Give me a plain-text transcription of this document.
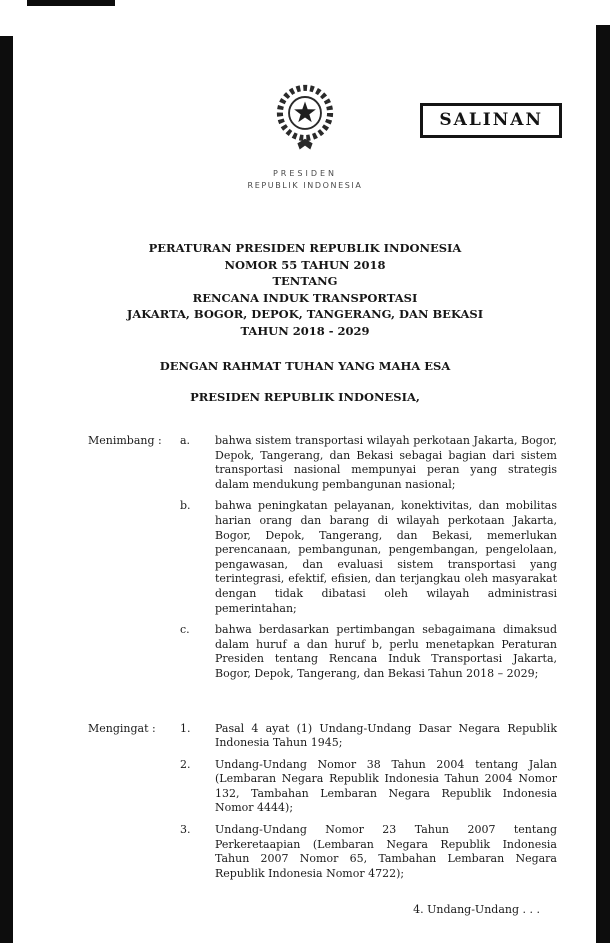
SALINAN
PRESIDEN
REPUBLIK INDONESIA
PERATURAN PRESIDEN REPUBLIK INDONESIA
NOMOR 55 TAHUN 2018
TENTANG
RENCANA INDUK TRANSPORTASI
JAKARTA, BOGOR, DEPOK, TANGERANG, DAN BEKASI
TAHUN 2018 - 2029
DENGAN RAHMAT TUHAN YANG MAHA ESA
PRESIDEN REPUBLIK INDONESIA,
Menimbang :	a.	bahwa sistem transportasi wilayah perkotaan Jakarta, Bogor, Depok, Tangerang, dan Bekasi sebagai bagian dari sistem transportasi nasional mempunyai peran yang strategis dalam mendukung pembangunan nasional;
b.	bahwa peningkatan pelayanan, konektivitas, dan mobilitas harian orang dan barang di wilayah perkotaan Jakarta, Bogor, Depok, Tangerang, dan Bekasi, memerlukan perencanaan, pembangunan, pengembangan, pengelolaan, pengawasan, dan evaluasi sistem transportasi yang terintegrasi, efektif, efisien, dan terjangkau oleh masyarakat dengan tidak dibatasi oleh wilayah administrasi pemerintahan;
c.	bahwa berdasarkan pertimbangan sebagaimana dimaksud dalam huruf a dan huruf b, perlu menetapkan Peraturan Presiden tentang Rencana Induk Transportasi Jakarta, Bogor, Depok, Tangerang, dan Bekasi Tahun 2018 – 2029;
Mengingat :	1.	Pasal 4 ayat (1) Undang-Undang Dasar Negara Republik Indonesia Tahun 1945;
2.	Undang-Undang Nomor 38 Tahun 2004 tentang Jalan (Lembaran Negara Republik Indonesia Tahun 2004 Nomor 132, Tambahan Lembaran Negara Republik Indonesia Nomor 4444);
3.	Undang-Undang Nomor 23 Tahun 2007 tentang Perkeretaapian (Lembaran Negara Republik Indonesia Tahun 2007 Nomor 65, Tambahan Lembaran Negara Republik Indonesia Nomor 4722);
4. Undang-Undang . . .
